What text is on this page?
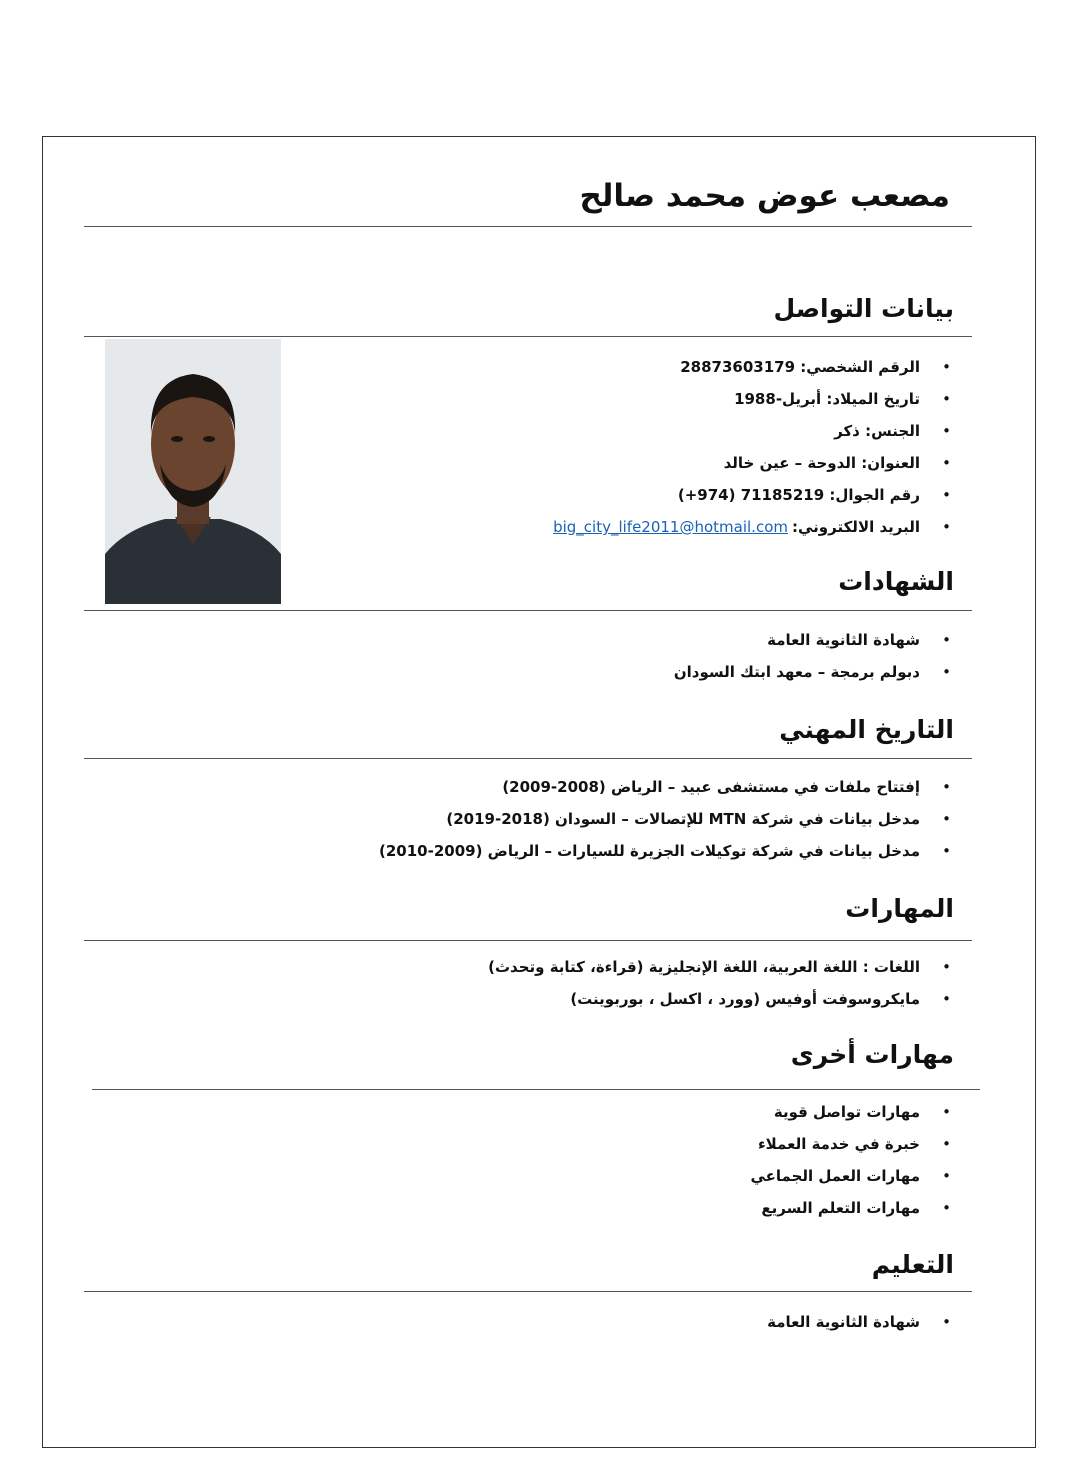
مصعب عوض محمد صالح
بيانات التواصل
•
الرقم الشخصي: 28873603179
•
تاريخ الميلاد: أبريل-1988
•
الجنس: ذكر
•
العنوان: الدوحة – عين خالد
•
رقم الجوال: 71185219 (974+)
•
البريد الالكتروني:big_city_life2011@hotmail.com
الشهادات
•
شهادة الثانوية العامة
•
دبولم برمجة – معهد ابتك السودان
التاريخ المهني
•
إفتتاح ملفات في مستشفى عبيد – الرياض (2008-2009)
•
مدخل بيانات في شركة MTN للإتصالات – السودان (2018-2019)
•
مدخل بيانات في شركة توكيلات الجزيرة للسيارات – الرياض (2009-2010)
المهارات
•
اللغات : اللغة العربية، اللغة الإنجليزية (قراءة، كتابة وتحدث)
•
مايكروسوفت أوفيس (وورد ، اكسل ، بوربوينت)
مهارات أخرى
•
مهارات تواصل قوية
•
خبرة في خدمة العملاء
•
مهارات العمل الجماعي
•
مهارات التعلم السريع
التعليم
•
شهادة الثانوية العامة
